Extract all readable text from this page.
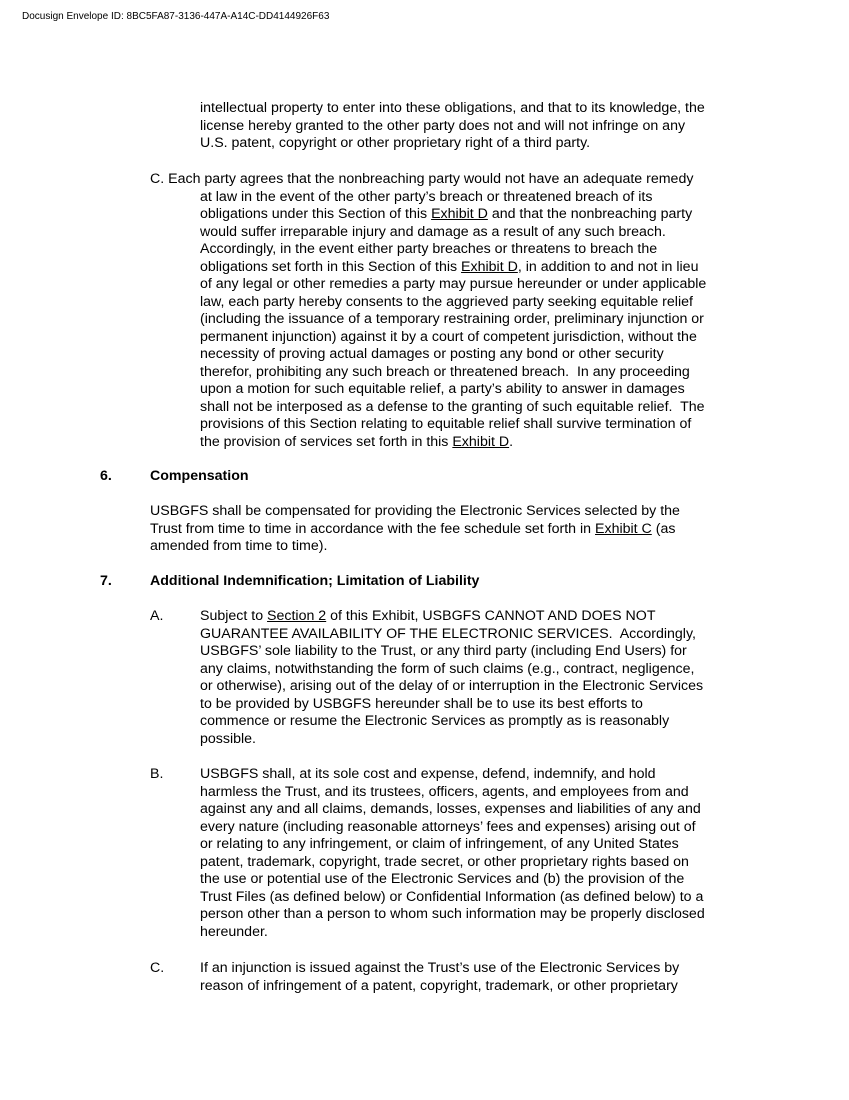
Docusign Envelope ID: 8BC5FA87-3136-447A-A14C-DD4144926F63
intellectual property to enter into these obligations, and that to its knowledge, the
license hereby granted to the other party does not and will not infringe on any
U.S. patent, copyright or other proprietary right of a third party.
C. Each party agrees that the nonbreaching party would not have an adequate remedy
at law in the event of the other party’s breach or threatened breach of its
obligations under this Section of this Exhibit D and that the nonbreaching party
would suffer irreparable injury and damage as a result of any such breach.
Accordingly, in the event either party breaches or threatens to breach the
obligations set forth in this Section of this Exhibit D, in addition to and not in lieu
of any legal or other remedies a party may pursue hereunder or under applicable
law, each party hereby consents to the aggrieved party seeking equitable relief
(including the issuance of a temporary restraining order, preliminary injunction or
permanent injunction) against it by a court of competent jurisdiction, without the
necessity of proving actual damages or posting any bond or other security
therefor, prohibiting any such breach or threatened breach.  In any proceeding
upon a motion for such equitable relief, a party’s ability to answer in damages
shall not be interposed as a defense to the granting of such equitable relief.  The
provisions of this Section relating to equitable relief shall survive termination of
the provision of services set forth in this Exhibit D.
6.	Compensation
USBGFS shall be compensated for providing the Electronic Services selected by the
Trust from time to time in accordance with the fee schedule set forth in Exhibit C (as
amended from time to time).
7.	Additional Indemnification; Limitation of Liability
A.	Subject to Section 2 of this Exhibit, USBGFS CANNOT AND DOES NOT
GUARANTEE AVAILABILITY OF THE ELECTRONIC SERVICES.  Accordingly,
USBGFS’ sole liability to the Trust, or any third party (including End Users) for
any claims, notwithstanding the form of such claims (e.g., contract, negligence,
or otherwise), arising out of the delay of or interruption in the Electronic Services
to be provided by USBGFS hereunder shall be to use its best efforts to
commence or resume the Electronic Services as promptly as is reasonably
possible.
B.	USBGFS shall, at its sole cost and expense, defend, indemnify, and hold
harmless the Trust, and its trustees, officers, agents, and employees from and
against any and all claims, demands, losses, expenses and liabilities of any and
every nature (including reasonable attorneys’ fees and expenses) arising out of
or relating to any infringement, or claim of infringement, of any United States
patent, trademark, copyright, trade secret, or other proprietary rights based on
the use or potential use of the Electronic Services and (b) the provision of the
Trust Files (as defined below) or Confidential Information (as defined below) to a
person other than a person to whom such information may be properly disclosed
hereunder.
C.	If an injunction is issued against the Trust’s use of the Electronic Services by
reason of infringement of a patent, copyright, trademark, or other proprietary
